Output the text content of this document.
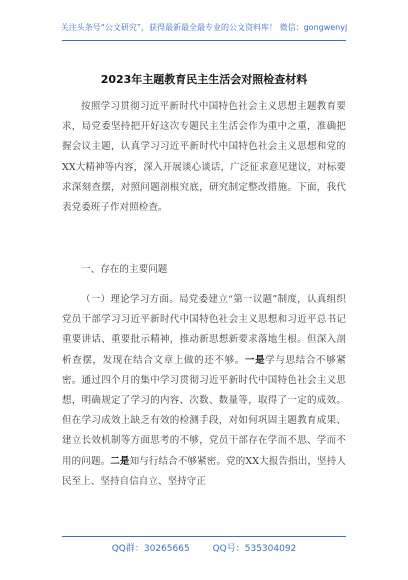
关注头条号“公文研究”，获得最新最全最专业的公文资料库！ 微信：gongwenyj
2023年主题教育民主生活会对照检查材料

按照学习贯彻习近平新时代中国特色社会主义思想主题教育要求，局党委坚持把开好这次专题民主生活会作为重中之重，准确把握会议主题，认真学习习近平新时代中国特色社会主义思想和党的XX大精神等内容，深入开展谈心谈话，广泛征求意见建议，对标要求深刻查摆，对照问题剖根究底，研究制定整改措施。下面，我代表党委班子作对照检查。

一、存在的主要问题

（一）理论学习方面。局党委建立“第一议题”制度，认真组织党员干部学习习近平新时代中国特色社会主义思想和习近平总书记重要讲话、重要批示精神，推动新思想新要求落地生根。但深入剖析查摆，发现在结合文章上做的还不够。一是学与思结合不够紧密。通过四个月的集中学习贯彻习近平新时代中国特色社会主义思想，明确规定了学习的内容、次数、数量等，取得了一定的成效。但在学习成效上缺乏有效的检测手段，对如何巩固主题教育成果、建立长效机制等方面思考的不够，党员干部存在学而不思、学而不用的问题。二是知与行结合不够紧密。党的XX大报告指出，坚持人民至上、坚持自信自立、坚持守正

QQ群：30265665	QQ号：535304092
